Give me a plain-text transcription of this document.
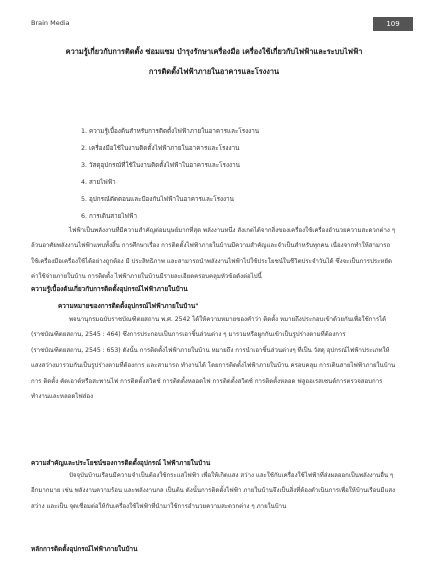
Brain Media	109
ความรู้เกี่ยวกับการติดตั้ง ซ่อมแซม บำรุงรักษาเครื่องมือ เครื่องใช้เกี่ยวกับไฟฟ้าและระบบไฟฟ้า
การติดตั้งไฟฟ้าภายในอาคารและโรงงาน
1. ความรู้เบื้องต้นสำหรับการติดตั้งไฟฟ้าภายในอาคารและโรงงาน
2. เครื่องมือใช้ในงานติดตั้งไฟฟ้าภายในอาคารและโรงงาน
3. วัสดุอุปกรณ์ที่ใช้ในงานติดตั้งไฟฟ้าในอาคารและโรงงาน
4. สายไฟฟ้า
5. อุปกรณ์ตัดตอนและป้องกันไฟฟ้าในอาคารและโรงงาน
6. การเดินสายไฟฟ้า

ไฟฟ้าเป็นพลังงานที่มีความสำคัญต่อมนุษย์มากที่สุด พลังงานหนึ่ง สังเกตได้จากสิ่งของเครื่องใช้เครื่องอำนวยความสะดวกต่าง ๆ ล้วนอาศัยพลังงานไฟฟ้าแทบทั้งสิ้น การศึกษาเรื่อง การติดตั้งไฟฟ้าภายในบ้านมีความสำคัญและจำเป็นสำหรับทุกคน เนื่องจากทำให้สามารถใช้เครื่องมือเครื่องใช้ได้อย่างถูกต้อง มี ประสิทธิภาพ และสามารถนำพลังงานไฟฟ้าไปใช้ประโยชน์ในชีวิตประจำวันได้ ซึ่งจะเป็นการประหยัดค่าใช้จ่ายภายในบ้าน การติดตั้ง ไฟฟ้าภายในบ้านมีรายละเอียดครอบคลุมหัวข้อดังต่อไปนี้

ความรู้เบื้องต้นเกี่ยวกับการติดตั้งอุปกรณ์ไฟฟ้าภายในบ้าน
ความหมายของการติดตั้งอุปกรณ์ไฟฟ้าภายในบ้าน"

พจนานุกรมฉบับราชบัณฑิตยสถาน พ.ศ. 2542 ได้ให้ความหมายของคำว่า ติดตั้ง หมายถึงประกอบเข้าด้วยกันเพื่อใช้การได้ (ราชบัณฑิตยสถาน, 2545 : 464) ซึ่งการประกอบเป็นการเอาชิ้นส่วนต่าง ๆ มารวมหรือผูกกันเข้าเป็นรูปร่างตามที่ต้องการ (ราชบัณฑิตยสถาน, 2545 : 653) ดังนั้น การติดตั้งไฟฟ้าภายในบ้าน หมายถึง การนำเอาชิ้นส่วนต่างๆ ที่เป็น วัสดุ อุปกรณ์ไฟฟ้าประเภทให้แสงสว่างมารวมกันเป็นรูปร่างตามที่ต้องการ และสามารถ ทำงานได้ โดยการติดตั้งไฟฟ้าภายในบ้าน ครอบคลุม การเดินสายไฟฟ้าภายในบ้าน การ ติดตั้ง คัตเอาต์หรือสะพานไฟ การติดตั้งสวิตช์ การติดตั้งหลอดไฟ การติดตั้งสวิตช์ การติดตั้งหลอด ฟลูออเรสเซนต์การตรวจสอบการทำงานและหลอดไฟส่อง

ความสำคัญและประโยชน์ของการติดตั้งอุปกรณ์ ไฟฟ้าภายในบ้าน

ปัจจุบันบ้านเรือนมีความจำเป็นต้องใช้กระแสไฟฟ้า เพื่อให้เกิดแสง สว่าง และใช้กับเครื่องใช้ไฟฟ้าที่ส่งผลออกเป็นพลังงานอื่น ๆ อีกมากมาย เช่น พลังงานความร้อน และพลังงานกล เป็นต้น ดังนั้นการติดตั้งไฟฟ้า ภายในบ้านจึงเป็นสิ่งที่ต้องดำเนินการเพื่อให้บ้านเรือนมีแสงสว่าง และเป็น จุดเชื่อมต่อให้กับเครื่องใช้ไฟฟ้าที่นำมาใช้การอำนวยความสะดวกต่าง ๆ ภายในบ้าน

หลักการติดตั้งอุปกรณ์ไฟฟ้าภายในบ้าน
